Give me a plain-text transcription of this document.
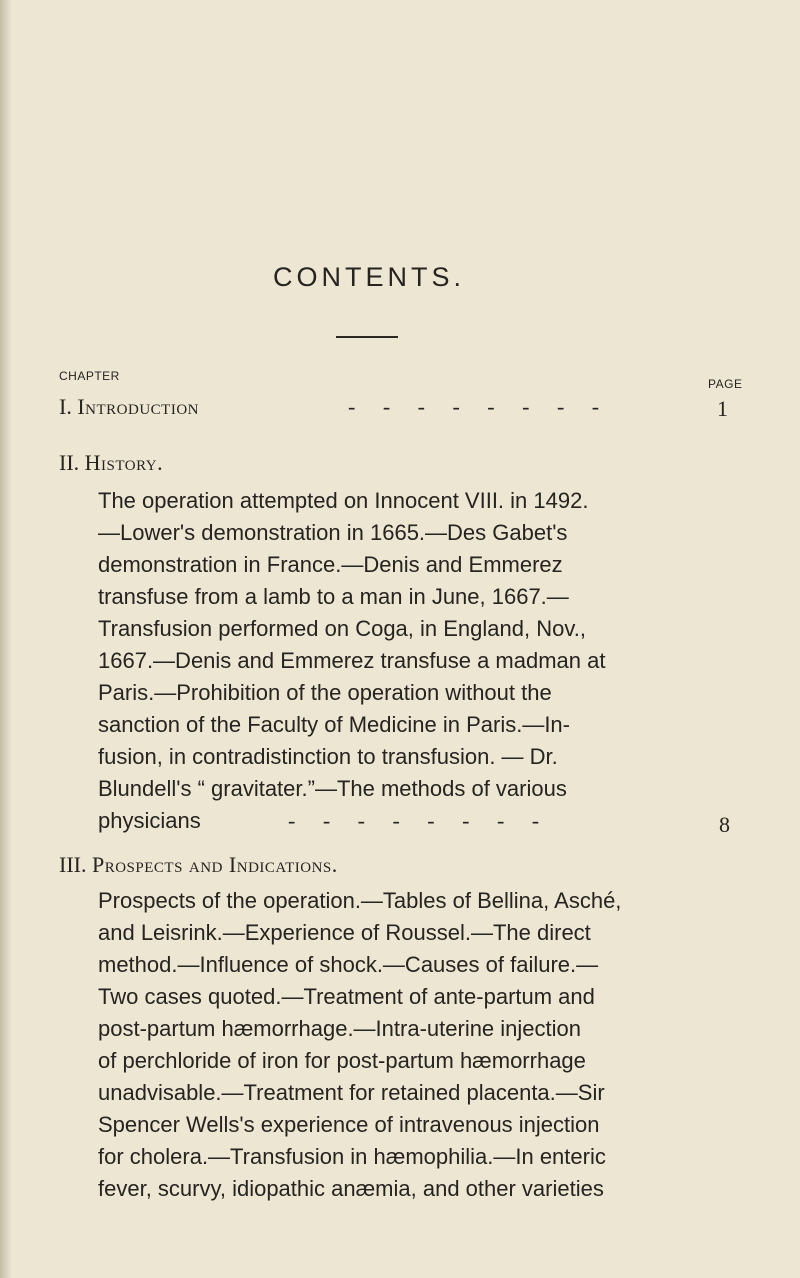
CONTENTS.
CHAPTER
PAGE
I. Introduction	- - - - - - - -	1
II. History.
The operation attempted on Innocent VIII. in 1492.
—Lower's demonstration in 1665.—Des Gabet's
demonstration in France.—Denis and Emmerez
transfuse from a lamb to a man in June, 1667.—
Transfusion performed on Coga, in England, Nov.,
1667.—Denis and Emmerez transfuse a madman at
Paris.—Prohibition of the operation without the
sanction of the Faculty of Medicine in Paris.—In-
fusion, in contradistinction to transfusion. — Dr.
Blundell's “ gravitater.”—The methods of various
physicians	- - - - - - - -	8
III. Prospects and Indications.
Prospects of the operation.—Tables of Bellina, Asché,
and Leisrink.—Experience of Roussel.—The direct
method.—Influence of shock.—Causes of failure.—
Two cases quoted.—Treatment of ante-partum and
post-partum hæmorrhage.—Intra-uterine injection
of perchloride of iron for post-partum hæmorrhage
unadvisable.—Treatment for retained placenta.—Sir
Spencer Wells's experience of intravenous injection
for cholera.—Transfusion in hæmophilia.—In enteric
fever, scurvy, idiopathic anæmia, and other varieties
